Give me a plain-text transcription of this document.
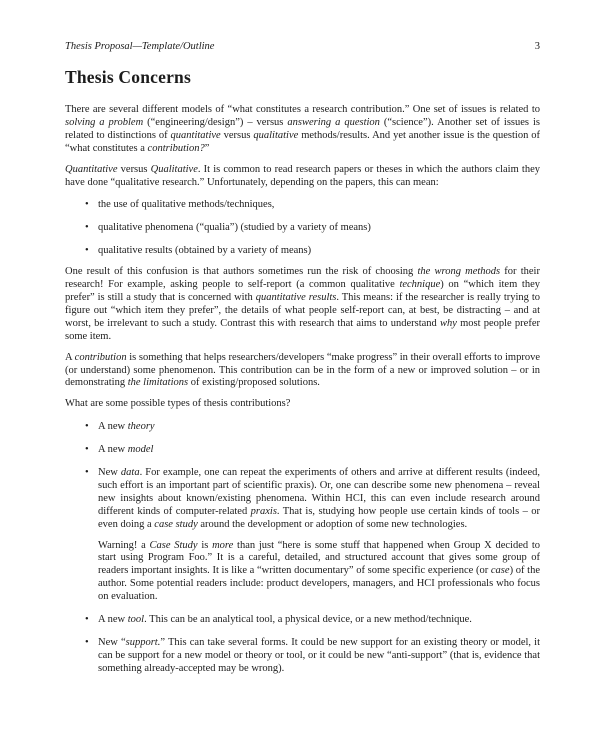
Thesis Proposal—Template/Outline	3
Thesis Concerns

There are several different models of “what constitutes a research contribution.” One set of issues is related to solving a problem (“engineering/design”) – versus answering a question (“science”). Another set of issues is related to distinctions of quantitative versus qualitative methods/results. And yet another issue is the question of “what constitutes a contribution?”

Quantitative versus Qualitative. It is common to read research papers or theses in which the authors claim they have done “qualitative research.” Unfortunately, depending on the papers, this can mean:

• the use of qualitative methods/techniques,
• qualitative phenomena (“qualia”) (studied by a variety of means)
• qualitative results (obtained by a variety of means)

One result of this confusion is that authors sometimes run the risk of choosing the wrong methods for their research! For example, asking people to self-report (a common qualitative technique) on “which item they prefer” is still a study that is concerned with quantitative results. This means: if the researcher is really trying to figure out “which item they prefer”, the details of what people self-report can, at best, be distracting – and at worst, be irrelevant to such a study. Contrast this with research that aims to understand why most people prefer some item.

A contribution is something that helps researchers/developers “make progress” in their overall efforts to improve (or understand) some phenomenon. This contribution can be in the form of a new or improved solution – or in demonstrating the limitations of existing/proposed solutions.

What are some possible types of thesis contributions?

• A new theory
• A new model
• New data. For example, one can repeat the experiments of others and arrive at different results (indeed, such effort is an important part of scientific praxis). Or, one can describe some new phenomena – reveal new insights about known/existing phenomena. Within HCI, this can even include research around different kinds of computer-related praxis. That is, studying how people use certain kinds of tools – or even doing a case study around the development or adoption of some new technologies.
Warning! a Case Study is more than just “here is some stuff that happened when Group X decided to start using Program Foo.” It is a careful, detailed, and structured account that gives some group of readers important insights. It is like a “written documentary” of some specific experience (or case) of the author. Some potential readers include: product developers, managers, and HCI professionals who focus on evaluation.
• A new tool. This can be an analytical tool, a physical device, or a new method/technique.
• New “support.” This can take several forms. It could be new support for an existing theory or model, it can be support for a new model or theory or tool, or it could be new “anti-support” (that is, evidence that something already-accepted may be wrong).
